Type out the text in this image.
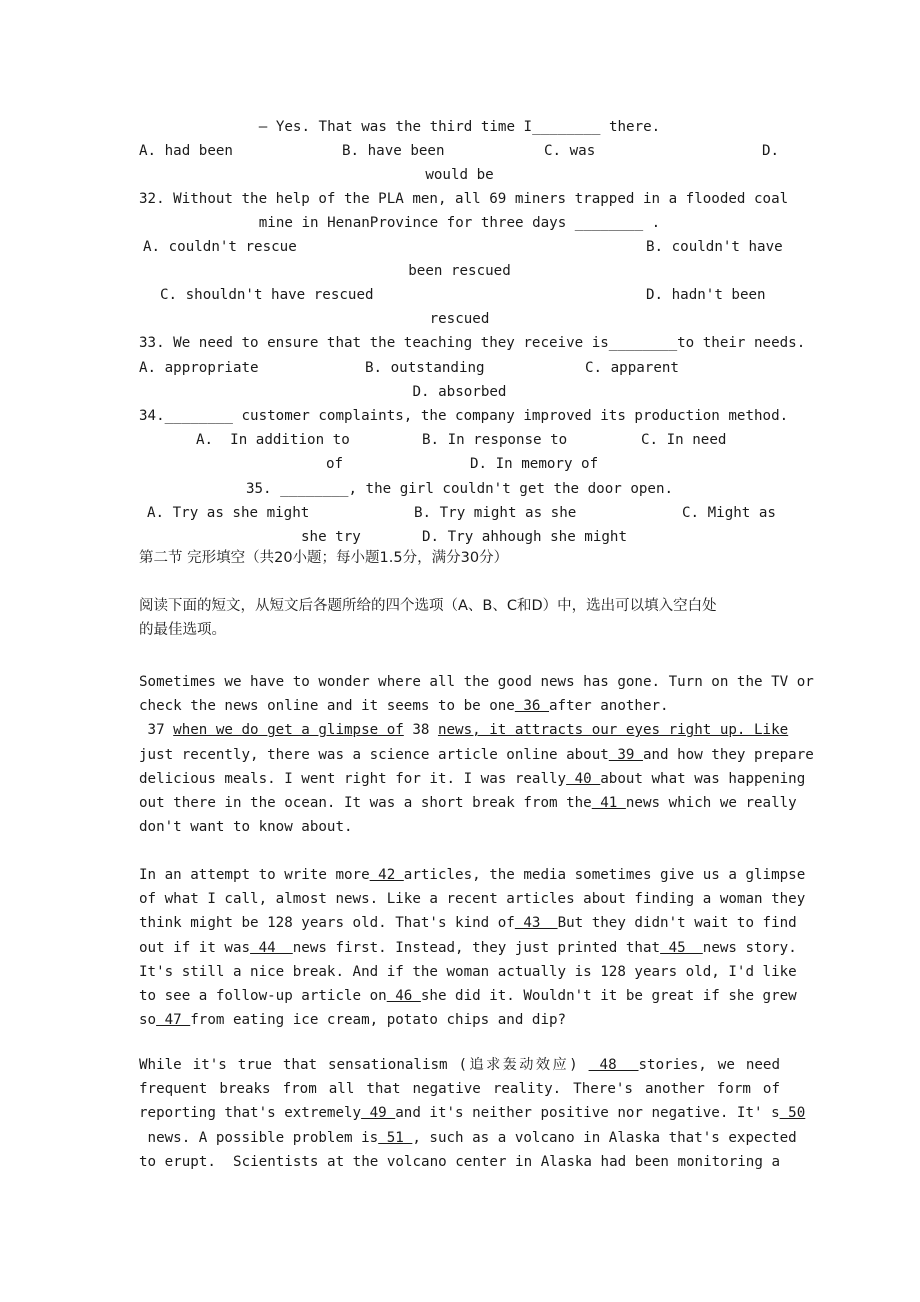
— Yes. That was the third time I________ there.
A. had been	B. have been	C. was	D.
would be
32. Without the help of the PLA men, all 69 miners trapped in a flooded coal
mine in HenanProvince for three days ________ .
A. couldn't rescue	B. couldn't have
been rescued
C. shouldn't have rescued	D. hadn't been
rescued
33. We need to ensure that the teaching they receive is________to their needs.
A. appropriate	B. outstanding	C. apparent
D. absorbed
34.________ customer complaints, the company improved its production method.
A.  In addition to	B. In response to	C. In need
of	D. In memory of
35. ________, the girl couldn't get the door open.
A. Try as she might	B. Try might as she	C. Might as
she try	D. Try ahhough she might
第二节 完形填空（共20小题；每小题1.5分，满分30分）
阅读下面的短文，从短文后各题所给的四个选项（A、B、C和D）中，选出可以填入空白处
的最佳选项。
Sometimes we have to wonder where all the good news has gone. Turn on the TV or
check the news online and it seems to be one 36 after another.
37 when we do get a glimpse of 38 news, it attracts our eyes right up. Like
just recently, there was a science article online about 39 and how they prepare
delicious meals. I went right for it. I was really 40 about what was happening
out there in the ocean. It was a short break from the 41 news which we really
don't want to know about.
In an attempt to write more 42 articles, the media sometimes give us a glimpse
of what I call, almost news. Like a recent articles about finding a woman they
think might be 128 years old. That's kind of 43  But they didn't wait to find
out if it was 44  news first. Instead, they just printed that 45  news story.
It's still a nice break. And if the woman actually is 128 years old, I'd like
to see a follow-up article on 46 she did it. Wouldn't it be great if she grew
so 47 from eating ice cream, potato chips and dip?
While it's true that sensationalism (追求轰动效应)  48  stories, we need
frequent breaks from all that negative reality. There's another form of
reporting that's extremely 49 and it's neither positive nor negative. It' s 50
news. A possible problem is 51 , such as a volcano in Alaska that's expected
to erupt.  Scientists at the volcano center in Alaska had been monitoring a
